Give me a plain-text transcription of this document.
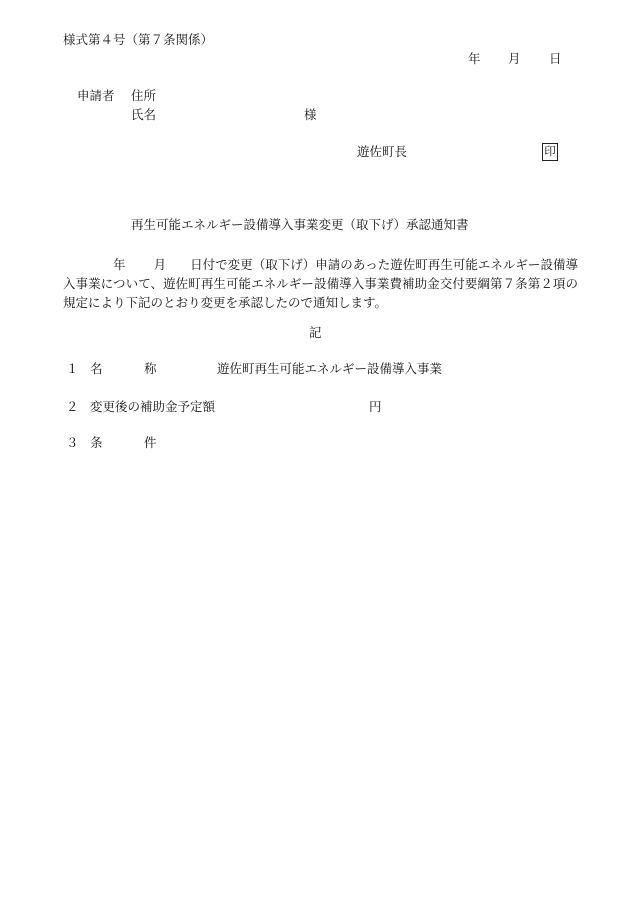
様式第４号（第７条関係）
年 月 日
申請者 住所
氏名	様
遊佐町長	印
再生可能エネルギー設備導入事業変更（取下げ）承認通知書
年 月 日付で変更（取下げ）申請のあった遊佐町再生可能エネルギー設備導入事業について、遊佐町再生可能エネルギー設備導入事業費補助金交付要綱第７条第２項の規定により下記のとおり変更を承認したので通知します。
記
１ 名	称	遊佐町再生可能エネルギー設備導入事業
２ 変更後の補助金予定額	円
３ 条	件
